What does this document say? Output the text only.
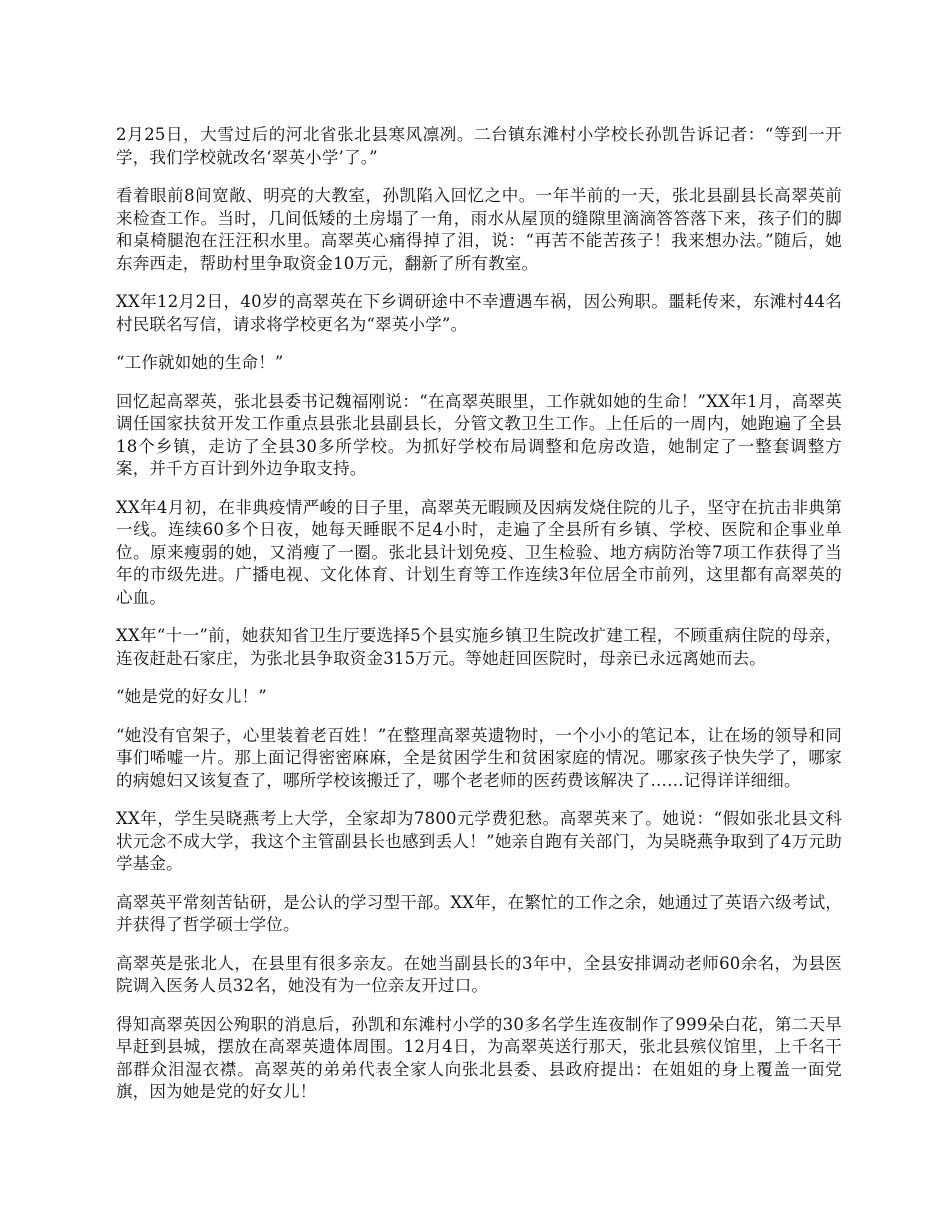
2月25日，大雪过后的河北省张北县寒风凛冽。二台镇东滩村小学校长孙凯告诉记者：“等到一开学，我们学校就改名‘翠英小学’了。”

看着眼前8间宽敞、明亮的大教室，孙凯陷入回忆之中。一年半前的一天，张北县副县长高翠英前来检查工作。当时，几间低矮的土房塌了一角，雨水从屋顶的缝隙里滴滴答答落下来，孩子们的脚和桌椅腿泡在汪汪积水里。高翠英心痛得掉了泪，说：“再苦不能苦孩子！我来想办法。”随后，她东奔西走，帮助村里争取资金10万元，翻新了所有教室。

XX年12月2日，40岁的高翠英在下乡调研途中不幸遭遇车祸，因公殉职。噩耗传来，东滩村44名村民联名写信，请求将学校更名为“翠英小学”。

“工作就如她的生命！”

回忆起高翠英，张北县委书记魏福刚说：“在高翠英眼里，工作就如她的生命！”XX年1月，高翠英调任国家扶贫开发工作重点县张北县副县长，分管文教卫生工作。上任后的一周内，她跑遍了全县18个乡镇，走访了全县30多所学校。为抓好学校布局调整和危房改造，她制定了一整套调整方案，并千方百计到外边争取支持。

XX年4月初，在非典疫情严峻的日子里，高翠英无暇顾及因病发烧住院的儿子，坚守在抗击非典第一线。连续60多个日夜，她每天睡眠不足4小时，走遍了全县所有乡镇、学校、医院和企事业单位。原来瘦弱的她，又消瘦了一圈。张北县计划免疫、卫生检验、地方病防治等7项工作获得了当年的市级先进。广播电视、文化体育、计划生育等工作连续3年位居全市前列，这里都有高翠英的心血。

XX年“十一”前，她获知省卫生厅要选择5个县实施乡镇卫生院改扩建工程，不顾重病住院的母亲，连夜赶赴石家庄，为张北县争取资金315万元。等她赶回医院时，母亲已永远离她而去。

“她是党的好女儿！”

“她没有官架子，心里装着老百姓！”在整理高翠英遗物时，一个小小的笔记本，让在场的领导和同事们唏嘘一片。那上面记得密密麻麻，全是贫困学生和贫困家庭的情况。哪家孩子快失学了，哪家的病媳妇又该复查了，哪所学校该搬迁了，哪个老老师的医药费该解决了……记得详详细细。

XX年，学生吴晓燕考上大学，全家却为7800元学费犯愁。高翠英来了。她说：“假如张北县文科状元念不成大学，我这个主管副县长也感到丢人！”她亲自跑有关部门，为吴晓燕争取到了4万元助学基金。

高翠英平常刻苦钻研，是公认的学习型干部。XX年，在繁忙的工作之余，她通过了英语六级考试，并获得了哲学硕士学位。

高翠英是张北人，在县里有很多亲友。在她当副县长的3年中，全县安排调动老师60余名，为县医院调入医务人员32名，她没有为一位亲友开过口。

得知高翠英因公殉职的消息后，孙凯和东滩村小学的30多名学生连夜制作了999朵白花，第二天早早赶到县城，摆放在高翠英遗体周围。12月4日，为高翠英送行那天，张北县殡仪馆里，上千名干部群众泪湿衣襟。高翠英的弟弟代表全家人向张北县委、县政府提出：在姐姐的身上覆盖一面党旗，因为她是党的好女儿！
